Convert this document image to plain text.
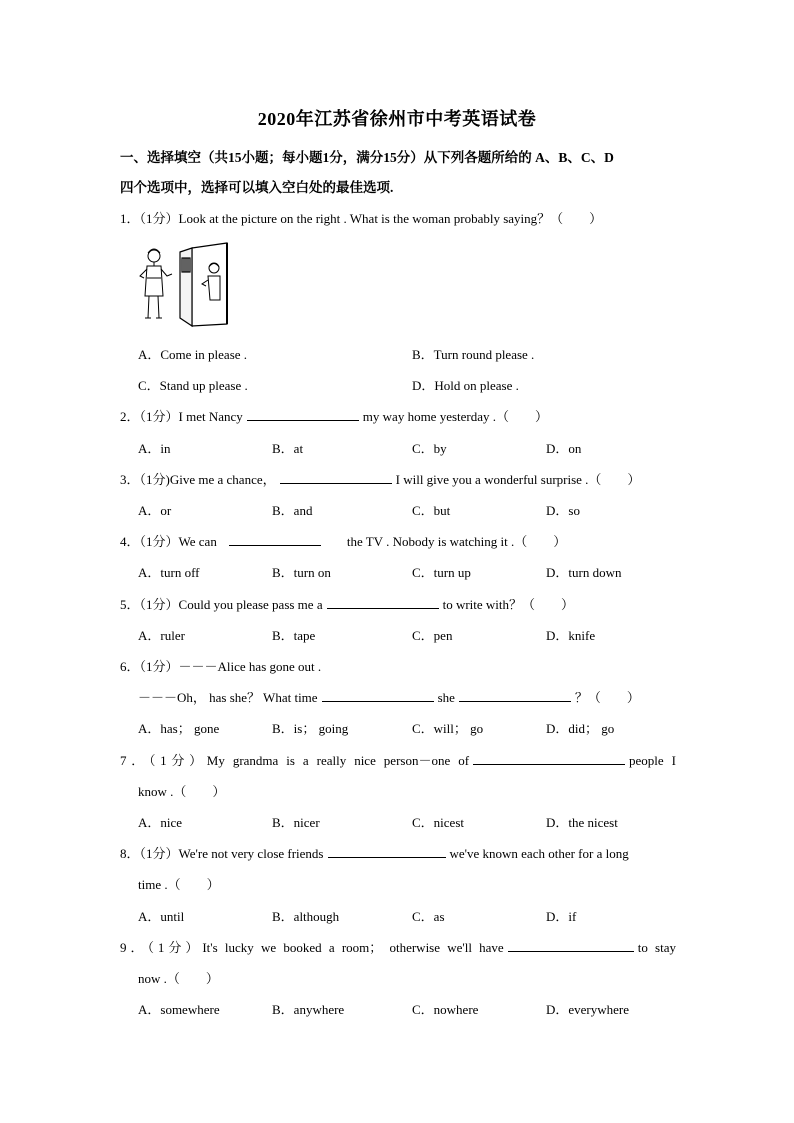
2020年江苏省徐州市中考英语试卷
一、选择填空（共15小题；每小题1分，满分15分）从下列各题所给的 A、B、C、D
四个选项中，选择可以填入空白处的最佳选项.
1．（1分）Look at the picture on the right . What is the woman probably saying？（　　）
A．Come in please .	B．Turn round please .
C．Stand up please .	D．Hold on please .
2．（1分）I met Nancy	my way home yesterday .（　　）
A．in	B．at	C．by	D．on
3．（1分)Give me a chance，	I will give you a wonderful surprise .（　　）
A．or	B．and	C．but	D．so
4．（1分）We can	the TV . Nobody is watching it .（　　）
A．turn off	B．turn on	C．turn up	D．turn down
5．（1分）Could you please pass me a	to write with？（　　）
A．ruler	B．tape	C．pen	D．knife
6．（1分）－－－Alice has gone out .
－－－Oh， has she？ What time	she	？（　　）
A．has； gone	B．is； going	C．will； go	D．did； go
7．（1分）My grandma is a really nice person－one of	people I
know .（　　）
A．nice	B．nicer	C．nicest	D．the nicest
8．（1分）We're not very close friends	we've known each other for a long
time .（　　）
A．until	B．although	C．as	D．if
9．（1分）It's lucky we booked a room； otherwise we'll have	to stay
now .（　　）
A．somewhere	B．anywhere	C．nowhere	D．everywhere
